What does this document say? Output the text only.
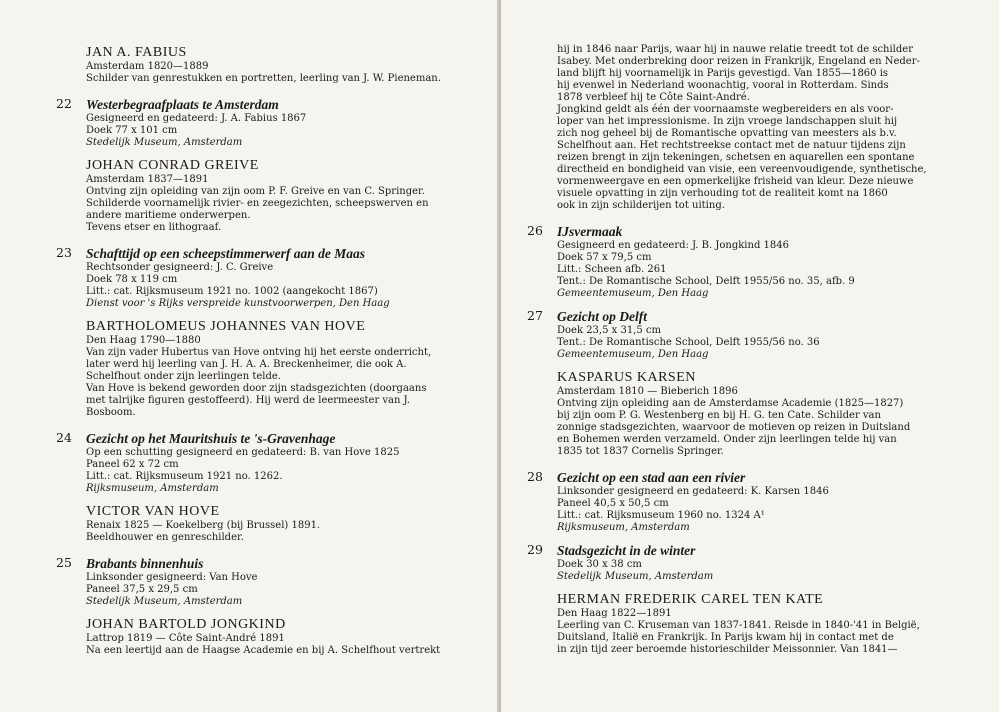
JAN A. FABIUS

Amsterdam 1820—1889

Schilder van genrestukken en portretten, leerling van J. W. Pieneman.

22	Westerbegraafplaats te Amsterdam

Gesigneerd en gedateerd: J. A. Fabius 1867

Doek 77 x 101 cm

Stedelijk Museum, Amsterdam

JOHAN CONRAD GREIVE

Amsterdam 1837—1891

Ontving zijn opleiding van zijn oom P. F. Greive en van C. Springer.

Schilderde voornamelijk rivier- en zeegezichten, scheepswerven en

andere maritieme onderwerpen.

Tevens etser en lithograaf.

23	Schafttijd op een scheepstimmerwerf aan de Maas

Rechtsonder gesigneerd: J. C. Greive

Doek 78 x 119 cm

Litt.: cat. Rijksmuseum 1921 no. 1002 (aangekocht 1867)

Dienst voor 's Rijks verspreide kunstvoorwerpen, Den Haag

BARTHOLOMEUS JOHANNES VAN HOVE

Den Haag 1790—1880

Van zijn vader Hubertus van Hove ontving hij het eerste onderricht,

later werd hij leerling van J. H. A. A. Breckenheimer, die ook A.

Schelfhout onder zijn leerlingen telde.

Van Hove is bekend geworden door zijn stadsgezichten (doorgaans

met talrijke figuren gestoffeerd). Hij werd de leermeester van J.

Bosboom.

24	Gezicht op het Mauritshuis te 's-Gravenhage

Op een schutting gesigneerd en gedateerd: B. van Hove 1825

Paneel 62 x 72 cm

Litt.: cat. Rijksmuseum 1921 no. 1262.

Rijksmuseum, Amsterdam

VICTOR VAN HOVE

Renaix 1825 — Koekelberg (bij Brussel) 1891.

Beeldhouwer en genreschilder.

25	Brabants binnenhuis

Linksonder gesigneerd: Van Hove

Paneel 37,5 x 29,5 cm

Stedelijk Museum, Amsterdam

JOHAN BARTOLD JONGKIND

Lattrop 1819 — Côte Saint-André 1891

Na een leertijd aan de Haagse Academie en bij A. Schelfhout vertrekt

hij in 1846 naar Parijs, waar hij in nauwe relatie treedt tot de schilder

Isabey. Met onderbreking door reizen in Frankrijk, Engeland en Neder-

land blijft hij voornamelijk in Parijs gevestigd. Van 1855—1860 is

hij evenwel in Nederland woonachtig, vooral in Rotterdam. Sinds

1878 verbleef hij te Côte Saint-André.

Jongkind geldt als één der voornaamste wegbereiders en als voor-

loper van het impressionisme. In zijn vroege landschappen sluit hij

zich nog geheel bij de Romantische opvatting van meesters als b.v.

Schelfhout aan. Het rechtstreekse contact met de natuur tijdens zijn

reizen brengt in zijn tekeningen, schetsen en aquarellen een spontane

directheid en bondigheid van visie, een vereenvoudigende, synthetische,

vormenweergave en een opmerkelijke frisheid van kleur. Deze nieuwe

visuele opvatting in zijn verhouding tot de realiteit komt na 1860

ook in zijn schilderijen tot uiting.

26	IJsvermaak

Gesigneerd en gedateerd: J. B. Jongkind 1846

Doek 57 x 79,5 cm

Litt.: Scheen afb. 261

Tent.: De Romantische School, Delft 1955/56 no. 35, afb. 9

Gemeentemuseum, Den Haag

27	Gezicht op Delft

Doek 23,5 x 31,5 cm

Tent.: De Romantische School, Delft 1955/56 no. 36

Gemeentemuseum, Den Haag

KASPARUS KARSEN

Amsterdam 1810 — Bieberich 1896

Ontving zijn opleiding aan de Amsterdamse Academie (1825—1827)

bij zijn oom P. G. Westenberg en bij H. G. ten Cate. Schilder van

zonnige stadsgezichten, waarvoor de motieven op reizen in Duitsland

en Bohemen werden verzameld. Onder zijn leerlingen telde hij van

1835 tot 1837 Cornelis Springer.

28	Gezicht op een stad aan een rivier

Linksonder gesigneerd en gedateerd: K. Karsen 1846

Paneel 40,5 x 50,5 cm

Litt.: cat. Rijksmuseum 1960 no. 1324 A¹

Rijksmuseum, Amsterdam

29	Stadsgezicht in de winter

Doek 30 x 38 cm

Stedelijk Museum, Amsterdam

HERMAN FREDERIK CAREL TEN KATE

Den Haag 1822—1891

Leerling van C. Kruseman van 1837-1841. Reisde in 1840-'41 in België,

Duitsland, Italië en Frankrijk. In Parijs kwam hij in contact met de

in zijn tijd zeer beroemde historieschilder Meissonnier. Van 1841—
